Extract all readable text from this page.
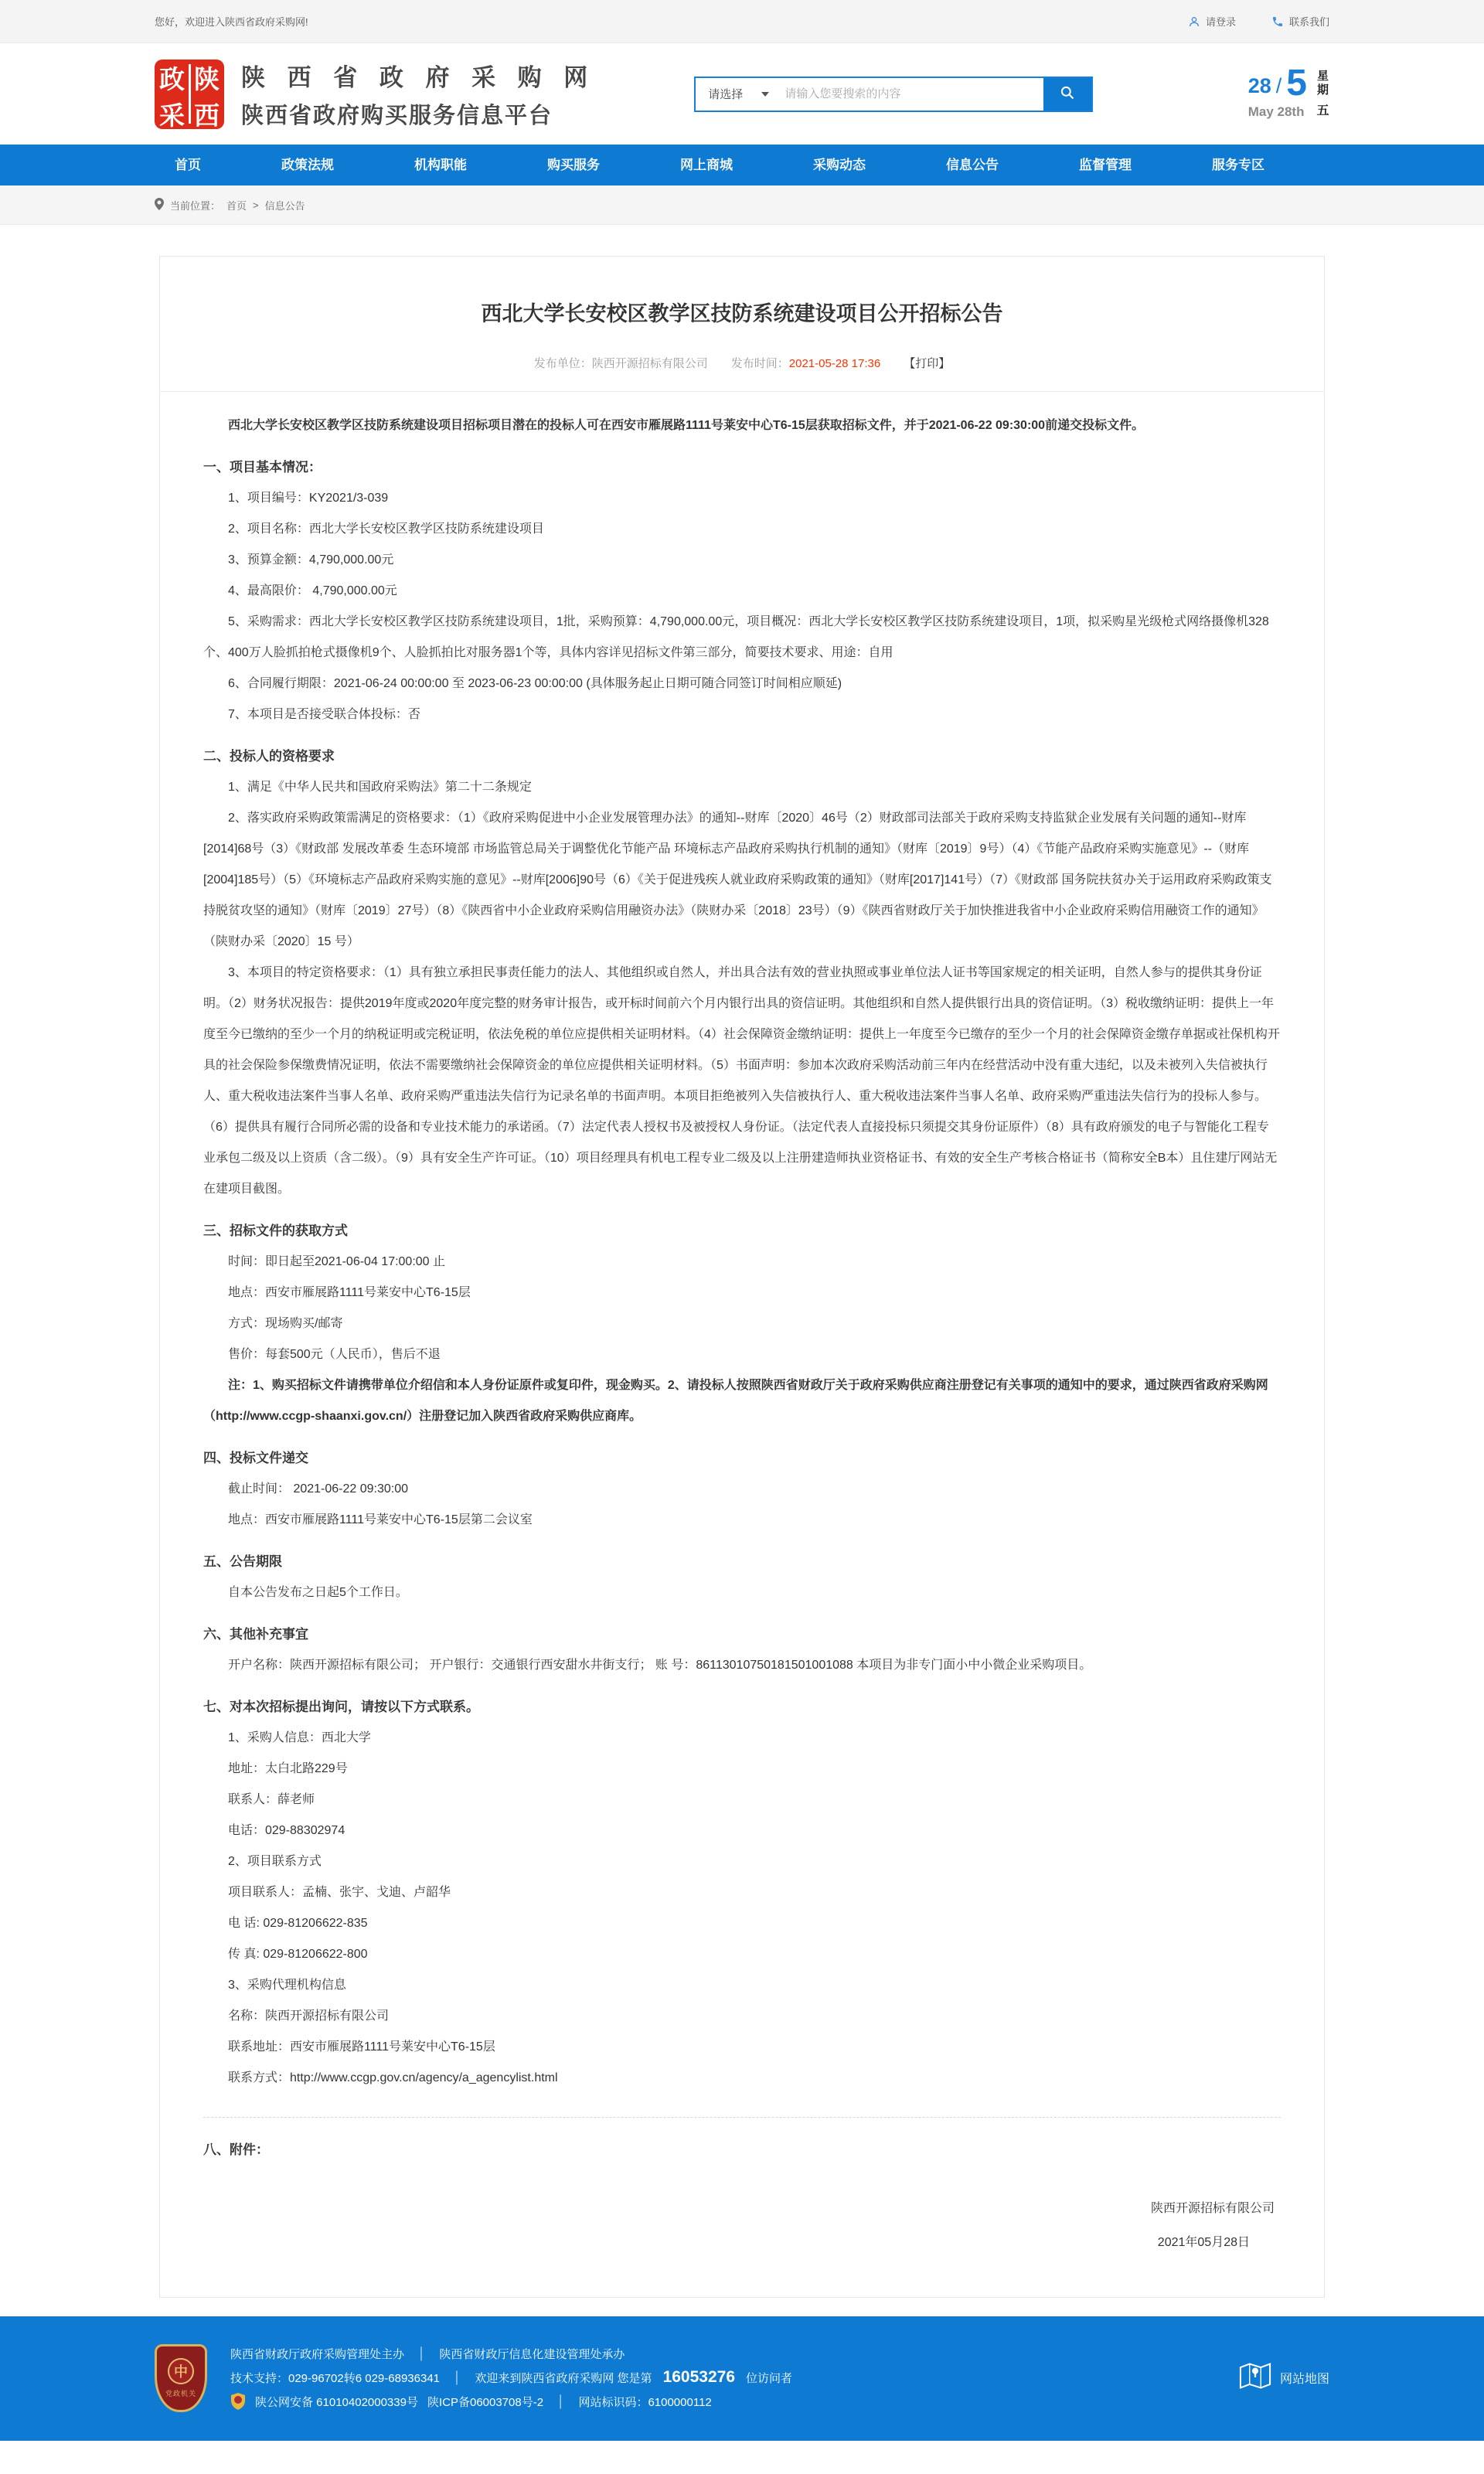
您好，欢迎进入陕西省政府采购网!	请登录	联系我们
政 陕
采 西
陕 西 省 政 府 采 购 网
陕西省政府购买服务信息平台
请选择
请输入您要搜索的内容	28 / 5
May 28th
星期
五
首页	政策法规	机构职能	购买服务	网上商城	采购动态	信息公告	监督管理	服务专区
当前位置： 首页 > 信息公告
西北大学长安校区教学区技防系统建设项目公开招标公告
发布单位：陕西开源招标有限公司 发布时间：2021-05-28 17:36 【打印】

西北大学长安校区教学区技防系统建设项目招标项目潜在的投标人可在西安市雁展路1111号莱安中心T6-15层获取招标文件，并于2021-06-22 09:30:00前递交投标文件。

一、项目基本情况：

1、项目编号：KY2021/3-039

2、项目名称：西北大学长安校区教学区技防系统建设项目

3、预算金额：4,790,000.00元

4、最高限价： 4,790,000.00元

5、采购需求：西北大学长安校区教学区技防系统建设项目，1批，采购预算：4,790,000.00元，项目概况：西北大学长安校区教学区技防系统建设项目，1项，拟采购星光级枪式网络摄像机328个、400万人脸抓拍枪式摄像机9个、人脸抓拍比对服务器1个等，具体内容详见招标文件第三部分，简要技术要求、用途：自用

6、合同履行期限：2021-06-24 00:00:00 至 2023-06-23 00:00:00 (具体服务起止日期可随合同签订时间相应顺延)

7、本项目是否接受联合体投标：否

二、投标人的资格要求

1、满足《中华人民共和国政府采购法》第二十二条规定

2、落实政府采购政策需满足的资格要求：（1）《政府采购促进中小企业发展管理办法》的通知--财库〔2020〕46号（2）财政部司法部关于政府采购支持监狱企业发展有关问题的通知--财库[2014]68号（3）《财政部 发展改革委 生态环境部 市场监管总局关于调整优化节能产品 环境标志产品政府采购执行机制的通知》（财库〔2019〕9号）（4）《节能产品政府采购实施意见》--（财库[2004]185号）（5）《环境标志产品政府采购实施的意见》--财库[2006]90号（6）《关于促进残疾人就业政府采购政策的通知》（财库[2017]141号）（7）《财政部 国务院扶贫办关于运用政府采购政策支持脱贫攻坚的通知》（财库〔2019〕27号）（8）《陕西省中小企业政府采购信用融资办法》（陕财办采〔2018〕23号）（9）《陕西省财政厅关于加快推进我省中小企业政府采购信用融资工作的通知》（陕财办采〔2020〕15 号）

3、本项目的特定资格要求：（1）具有独立承担民事责任能力的法人、其他组织或自然人，并出具合法有效的营业执照或事业单位法人证书等国家规定的相关证明，自然人参与的提供其身份证明。（2）财务状况报告：提供2019年度或2020年度完整的财务审计报告，或开标时间前六个月内银行出具的资信证明。其他组织和自然人提供银行出具的资信证明。（3）税收缴纳证明：提供上一年度至今已缴纳的至少一个月的纳税证明或完税证明，依法免税的单位应提供相关证明材料。（4）社会保障资金缴纳证明：提供上一年度至今已缴存的至少一个月的社会保障资金缴存单据或社保机构开具的社会保险参保缴费情况证明，依法不需要缴纳社会保障资金的单位应提供相关证明材料。（5）书面声明：参加本次政府采购活动前三年内在经营活动中没有重大违纪，以及未被列入失信被执行人、重大税收违法案件当事人名单、政府采购严重违法失信行为记录名单的书面声明。本项目拒绝被列入失信被执行人、重大税收违法案件当事人名单、政府采购严重违法失信行为的投标人参与。（6）提供具有履行合同所必需的设备和专业技术能力的承诺函。（7）法定代表人授权书及被授权人身份证。（法定代表人直接投标只须提交其身份证原件）（8）具有政府颁发的电子与智能化工程专业承包二级及以上资质（含二级）。（9）具有安全生产许可证。（10）项目经理具有机电工程专业二级及以上注册建造师执业资格证书、有效的安全生产考核合格证书（简称安全B本）且住建厅网站无在建项目截图。

三、招标文件的获取方式

时间：即日起至2021-06-04 17:00:00 止

地点：西安市雁展路1111号莱安中心T6-15层

方式：现场购买/邮寄

售价：每套500元（人民币），售后不退

注：1、购买招标文件请携带单位介绍信和本人身份证原件或复印件，现金购买。2、请投标人按照陕西省财政厅关于政府采购供应商注册登记有关事项的通知中的要求，通过陕西省政府采购网（http://www.ccgp-shaanxi.gov.cn/）注册登记加入陕西省政府采购供应商库。

四、投标文件递交

截止时间： 2021-06-22 09:30:00

地点：西安市雁展路1111号莱安中心T6-15层第二会议室

五、公告期限

自本公告发布之日起5个工作日。

六、其他补充事宜

开户名称：陕西开源招标有限公司； 开户银行：交通银行西安甜水井街支行； 账 号：86113010750181501001088 本项目为非专门面小中小微企业采购项目。

七、对本次招标提出询问，请按以下方式联系。

1、采购人信息：西北大学

地址：太白北路229号

联系人：薛老师

电话：029-88302974

2、项目联系方式

项目联系人：孟楠、张宇、戈迪、卢韶华

电 话: 029-81206622-835

传 真: 029-81206622-800

3、采购代理机构信息

名称：陕西开源招标有限公司

联系地址：西安市雁展路1111号莱安中心T6-15层

联系方式：http://www.ccgp.gov.cn/agency/a_agencylist.html

八、附件：

陕西开源招标有限公司
2021年05月28日
中
党政机关
陕西省财政厅政府采购管理处主办	│	陕西省财政厅信息化建设管理处承办
技术支持：029-96702转6 029-68936341	│	欢迎来到陕西省政府采购网 您是第 16053276 位访问者
陕公网安备 61010402000339号 陕ICP备06003708号-2	│	网站标识码：6100000112
网站地图
